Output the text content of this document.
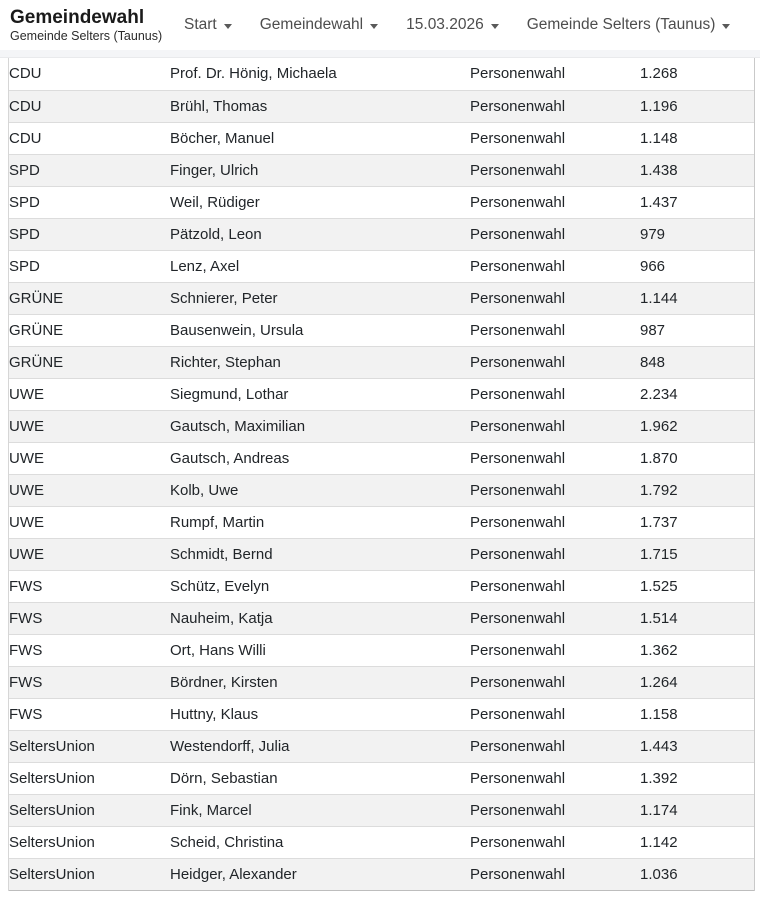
Gemeindewahl
Gemeinde Selters (Taunus)
Start	Gemeindewahl	15.03.2026	Gemeinde Selters (Taunus)
CDU	Prof. Dr. Hönig, Michaela	Personenwahl	1.268
CDU	Brühl, Thomas	Personenwahl	1.196
CDU	Böcher, Manuel	Personenwahl	1.148
SPD	Finger, Ulrich	Personenwahl	1.438
SPD	Weil, Rüdiger	Personenwahl	1.437
SPD	Pätzold, Leon	Personenwahl	979
SPD	Lenz, Axel	Personenwahl	966
GRÜNE	Schnierer, Peter	Personenwahl	1.144
GRÜNE	Bausenwein, Ursula	Personenwahl	987
GRÜNE	Richter, Stephan	Personenwahl	848
UWE	Siegmund, Lothar	Personenwahl	2.234
UWE	Gautsch, Maximilian	Personenwahl	1.962
UWE	Gautsch, Andreas	Personenwahl	1.870
UWE	Kolb, Uwe	Personenwahl	1.792
UWE	Rumpf, Martin	Personenwahl	1.737
UWE	Schmidt, Bernd	Personenwahl	1.715
FWS	Schütz, Evelyn	Personenwahl	1.525
FWS	Nauheim, Katja	Personenwahl	1.514
FWS	Ort, Hans Willi	Personenwahl	1.362
FWS	Bördner, Kirsten	Personenwahl	1.264
FWS	Huttny, Klaus	Personenwahl	1.158
SeltersUnion	Westendorff, Julia	Personenwahl	1.443
SeltersUnion	Dörn, Sebastian	Personenwahl	1.392
SeltersUnion	Fink, Marcel	Personenwahl	1.174
SeltersUnion	Scheid, Christina	Personenwahl	1.142
SeltersUnion	Heidger, Alexander	Personenwahl	1.036
